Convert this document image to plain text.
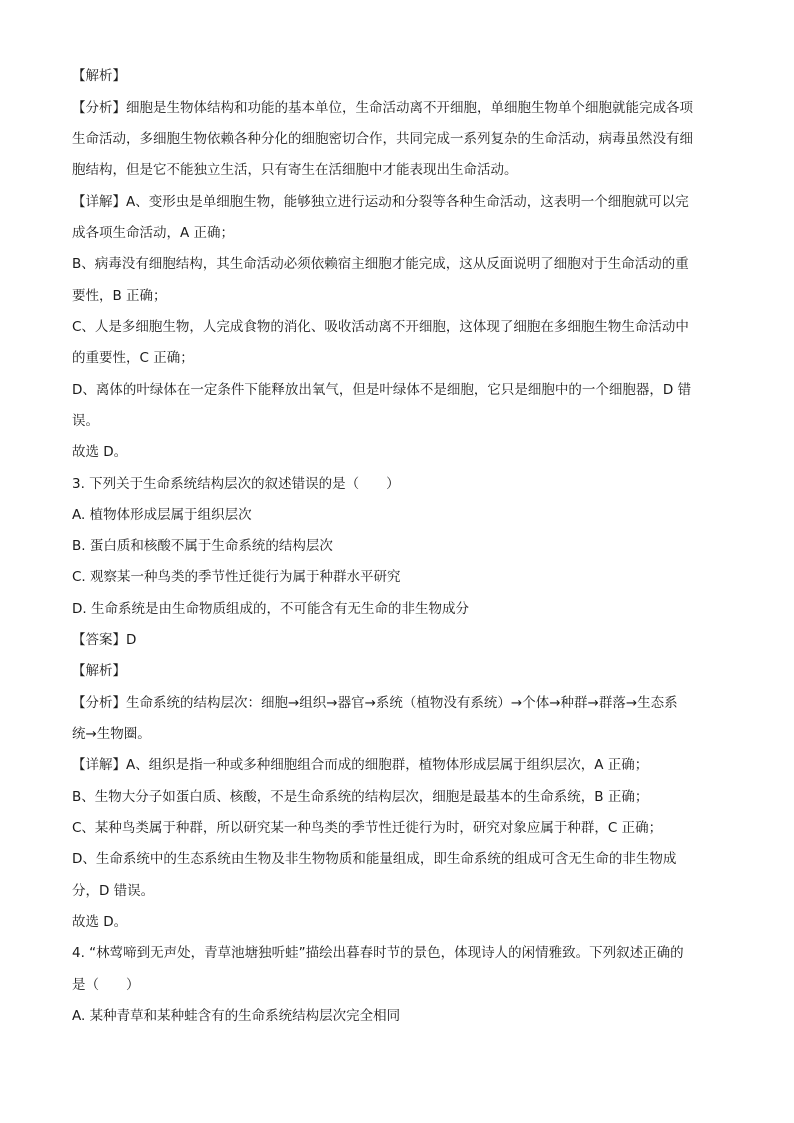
【解析】
【分析】细胞是生物体结构和功能的基本单位，生命活动离不开细胞，单细胞生物单个细胞就能完成各项
生命活动，多细胞生物依赖各种分化的细胞密切合作，共同完成一系列复杂的生命活动，病毒虽然没有细
胞结构，但是它不能独立生活，只有寄生在活细胞中才能表现出生命活动。
【详解】A、变形虫是单细胞生物，能够独立进行运动和分裂等各种生命活动，这表明一个细胞就可以完
成各项生命活动，A 正确；
B、病毒没有细胞结构，其生命活动必须依赖宿主细胞才能完成，这从反面说明了细胞对于生命活动的重
要性，B 正确；
C、人是多细胞生物，人完成食物的消化、吸收活动离不开细胞，这体现了细胞在多细胞生物生命活动中
的重要性，C 正确；
D、离体的叶绿体在一定条件下能释放出氧气，但是叶绿体不是细胞，它只是细胞中的一个细胞器，D 错
误。
故选 D。
3. 下列关于生命系统结构层次的叙述错误的是（　　）
A. 植物体形成层属于组织层次
B. 蛋白质和核酸不属于生命系统的结构层次
C. 观察某一种鸟类的季节性迁徙行为属于种群水平研究
D. 生命系统是由生命物质组成的，不可能含有无生命的非生物成分
【答案】D
【解析】
【分析】生命系统的结构层次：细胞→组织→器官→系统（植物没有系统）→个体→种群→群落→生态系
统→生物圈。
【详解】A、组织是指一种或多种细胞组合而成的细胞群，植物体形成层属于组织层次，A 正确；
B、生物大分子如蛋白质、核酸，不是生命系统的结构层次，细胞是最基本的生命系统，B 正确；
C、某种鸟类属于种群，所以研究某一种鸟类的季节性迁徙行为时，研究对象应属于种群，C 正确；
D、生命系统中的生态系统由生物及非生物物质和能量组成，即生命系统的组成可含无生命的非生物成
分，D 错误。
故选 D。
4. “林莺啼到无声处，青草池塘独听蛙”描绘出暮春时节的景色，体现诗人的闲情雅致。下列叙述正确的
是（　　）
A. 某种青草和某种蛙含有的生命系统结构层次完全相同
